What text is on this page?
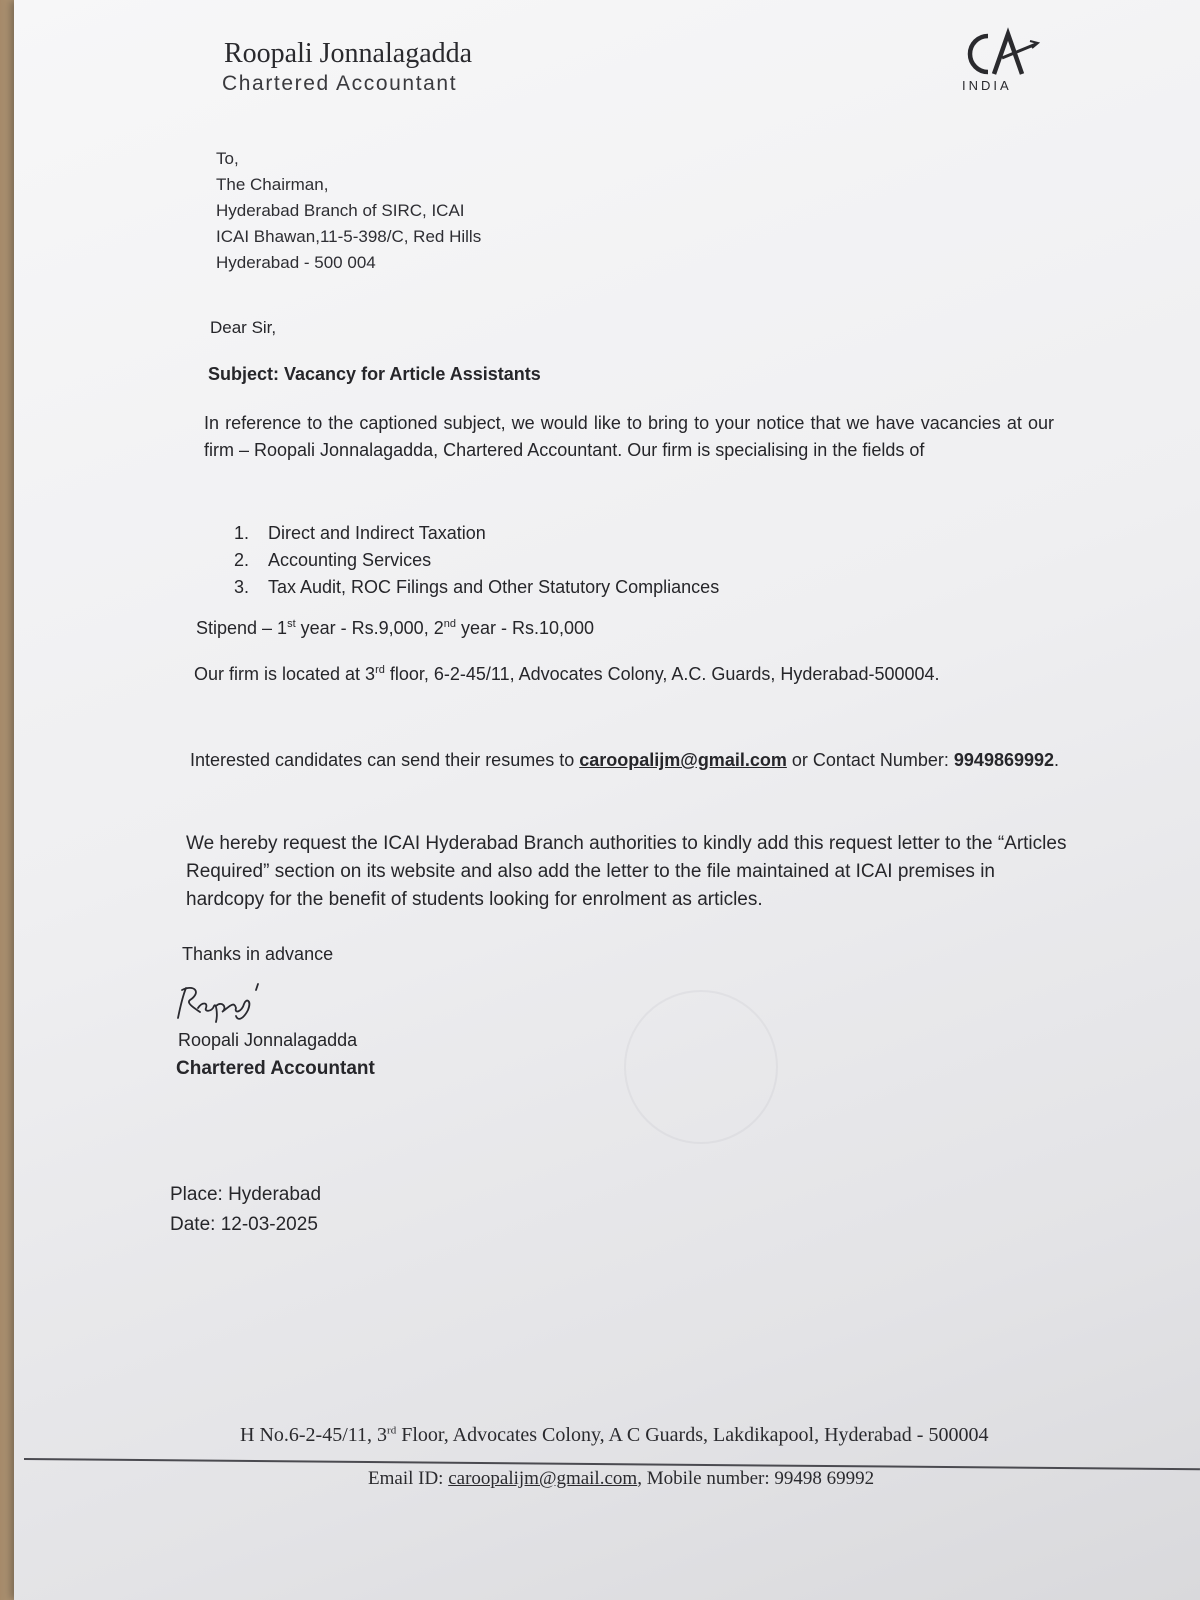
Roopali Jonnalagadda
Chartered Accountant	INDIA
To,
The Chairman,
Hyderabad Branch of SIRC, ICAI
ICAI Bhawan,11-5-398/C, Red Hills
Hyderabad - 500 004
Dear Sir,
Subject: Vacancy for Article Assistants
In reference to the captioned subject, we would like to bring to your notice that we have vacancies at our firm – Roopali Jonnalagadda, Chartered Accountant. Our firm is specialising in the fields of
1. Direct and Indirect Taxation
2. Accounting Services
3. Tax Audit, ROC Filings and Other Statutory Compliances
Stipend – 1st year - Rs.9,000, 2nd year - Rs.10,000
Our firm is located at 3rd floor, 6-2-45/11, Advocates Colony, A.C. Guards, Hyderabad-500004.
Interested candidates can send their resumes to caroopalijm@gmail.com or Contact Number: 9949869992.
We hereby request the ICAI Hyderabad Branch authorities to kindly add this request letter to the “Articles Required” section on its website and also add the letter to the file maintained at ICAI premises in hardcopy for the benefit of students looking for enrolment as articles.
Thanks in advance
Roopali Jonnalagadda
Chartered Accountant
Place: Hyderabad
Date: 12-03-2025
H No.6-2-45/11, 3rd Floor, Advocates Colony, A C Guards, Lakdikapool, Hyderabad - 500004
Email ID: caroopalijm@gmail.com, Mobile number: 99498 69992
